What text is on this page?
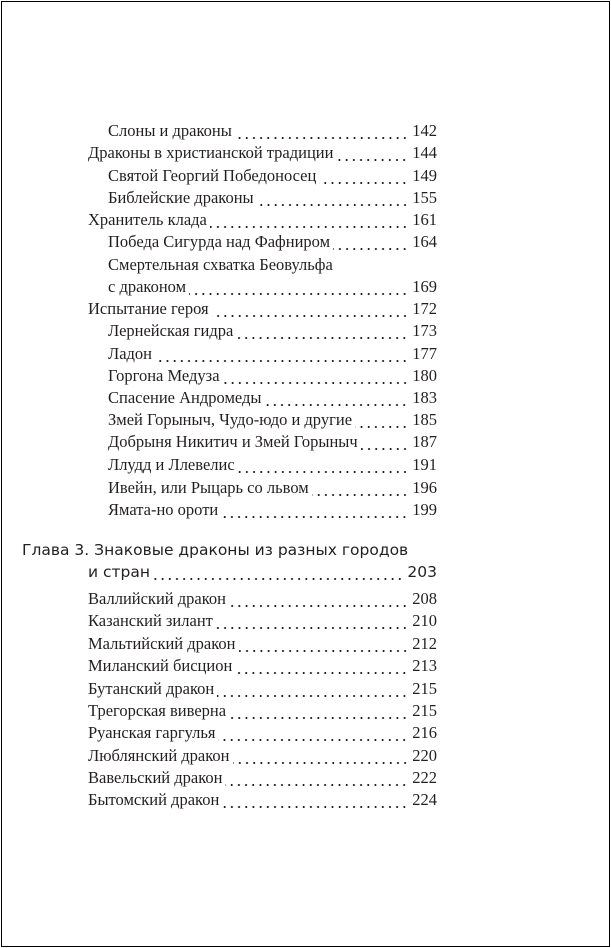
Слоны и драконы	142
Драконы в христианской традиции	144
Святой Георгий Победоносец	149
Библейские драконы	155
Хранитель клада	161
Победа Сигурда над Фафниром	164
Смертельная схватка Беовульфа
с драконом	169
Испытание героя	172
Лернейская гидра	173
Ладон	177
Горгона Медуза	180
Спасение Андромеды	183
Змей Горыныч, Чудо-юдо и другие	185
Добрыня Никитич и Змей Горыныч	187
Ллудд и Ллевелис	191
Ивейн, или Рыцарь со львом	196
Ямата-но ороти	199
Глава 3. Знаковые драконы из разных городов
и стран	203
Валлийский дракон	208
Казанский зилант	210
Мальтийский дракон	212
Миланский бисцион	213
Бутанский дракон	215
Трегорская виверна	215
Руанская гаргулья	216
Люблянский дракон	220
Вавельский дракон	222
Бытомский дракон	224
